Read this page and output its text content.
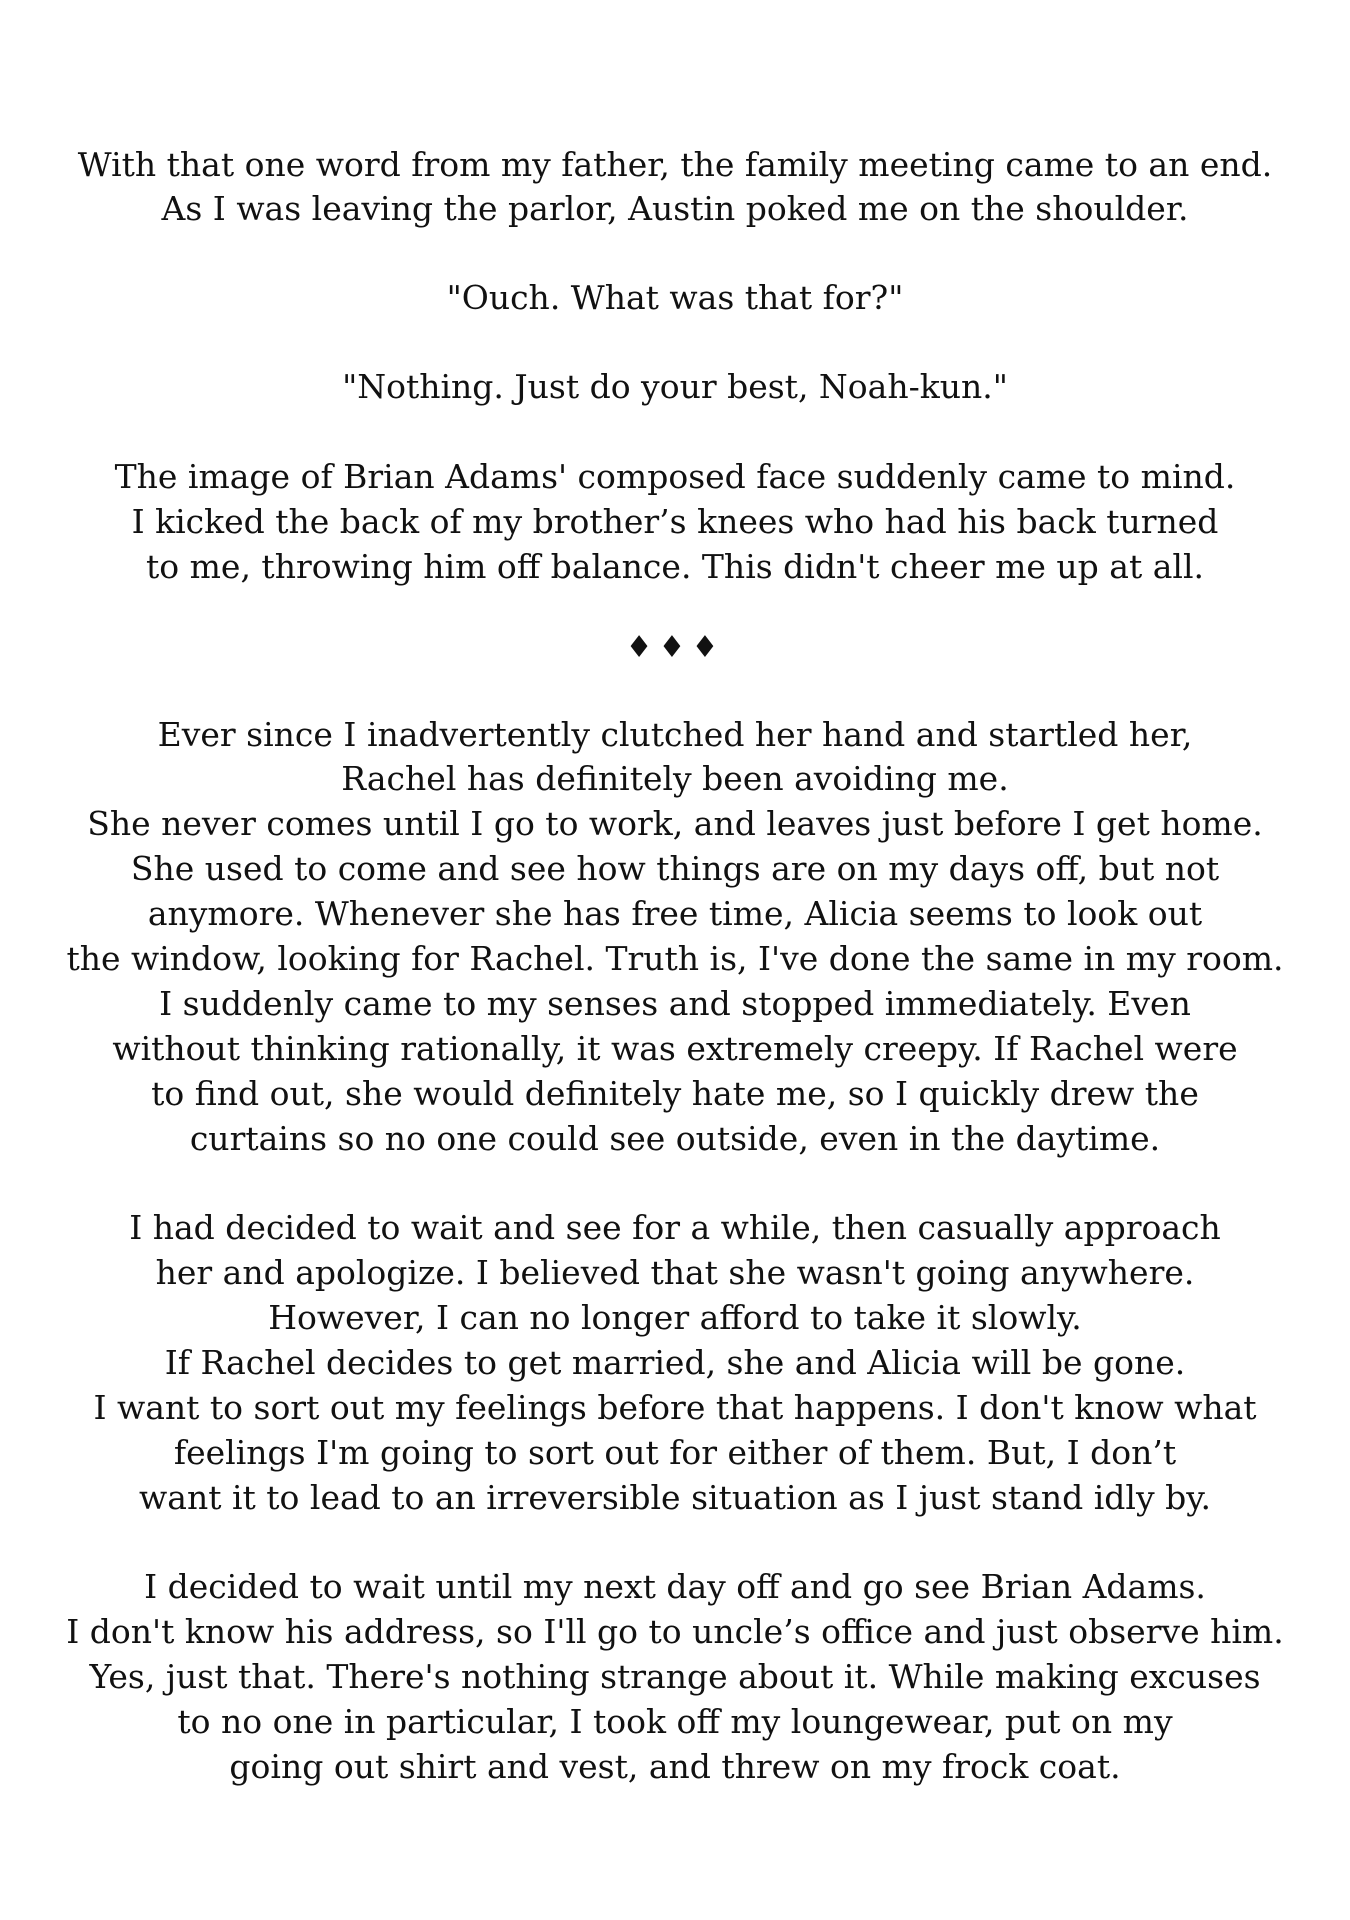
With that one word from my father, the family meeting came to an end.
As I was leaving the parlor, Austin poked me on the shoulder.
"Ouch. What was that for?"
"Nothing. Just do your best, Noah-kun."
The image of Brian Adams' composed face suddenly came to mind.
I kicked the back of my brother’s knees who had his back turned
to me, throwing him off balance. This didn't cheer me up at all.
♦♦♦
Ever since I inadvertently clutched her hand and startled her,
Rachel has definitely been avoiding me.
She never comes until I go to work, and leaves just before I get home.
She used to come and see how things are on my days off, but not
anymore. Whenever she has free time, Alicia seems to look out
the window, looking for Rachel. Truth is, I've done the same in my room.
I suddenly came to my senses and stopped immediately. Even
without thinking rationally, it was extremely creepy. If Rachel were
to find out, she would definitely hate me, so I quickly drew the
curtains so no one could see outside, even in the daytime.
I had decided to wait and see for a while, then casually approach
her and apologize. I believed that she wasn't going anywhere.
However, I can no longer afford to take it slowly.
If Rachel decides to get married, she and Alicia will be gone.
I want to sort out my feelings before that happens. I don't know what
feelings I'm going to sort out for either of them. But, I don’t
want it to lead to an irreversible situation as I just stand idly by.
I decided to wait until my next day off and go see Brian Adams.
I don't know his address, so I'll go to uncle’s office and just observe him.
Yes, just that. There's nothing strange about it. While making excuses
to no one in particular, I took off my loungewear, put on my
going out shirt and vest, and threw on my frock coat.
